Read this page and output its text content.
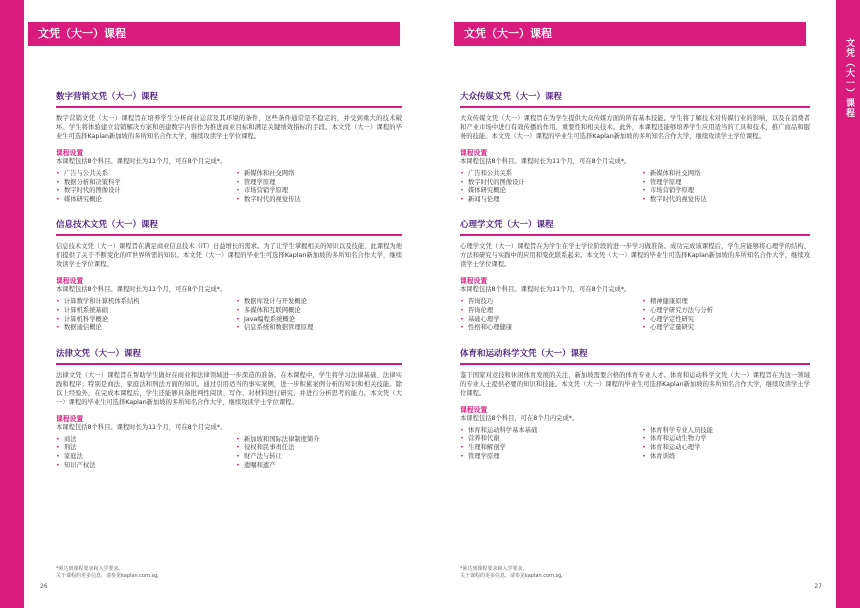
文凭（大一）课程
数字营销文凭（大一）课程
数字营销文凭（大一）课程旨在培养学生分析商业运营及其环境的条件，这些条件通常是不稳定的，并受到重大的技术破坏。学生将体验建立营销解决方案和创建数字内容作为推进商业目标和满足关键绩效指标的手段。本文凭（大一）课程的毕业生可选择Kaplan新加坡的多所知名合作大学，继续攻读学士学位课程。
课程设置
本课程包括8个科目。课程时长为11个月，可在8个月完成*。
• 广告与公共关系	• 新媒体和社交网络
• 数据分析和决策科学	• 管理学原理
• 数字时代的图像设计	• 市场营销学原理
• 媒体研究概论	• 数字时代的视觉传达
信息技术文凭（大一）课程
信息技术文凭（大一）课程旨在满足商业信息技术（IT）日益增长的需求。为了让学生掌握相关的知识以及技能，此课程为他们提供了关于不断变化的IT世界所需的知识。本文凭（大一）课程的毕业生可选择Kaplan新加坡的多所知名合作大学，继续攻读学士学位课程。
课程设置
本课程包括8个科目。课程时长为11个月，可在8个月完成*。
• 计算数学和计算机体系结构	• 数据库设计与开发概论
• 计算机系统基础	• 多媒体和互联网概论
• 计算机科学概论	• Java编程系统概论
• 数据通信概论	• 信息系统和数据管理原理
法律文凭（大一）课程
法律文凭（大一）课程旨在帮助学生做好在商业和法律领域进一步深造的准备。在本课程中，学生将学习法律基础、法律实践和程序；特别是商法、家庭法和刑法方面的知识。通过引用适当的事实案例，进一步积累案例分析的知识和相关技能。除以上经验外，在完成本课程后，学生还能够具备批判性阅读、写作、对材料进行研究、并进行分析思考的能力。本文凭（大一）课程的毕业生可选择Kaplan新加坡的多所知名合作大学，继续攻读学士学位课程。
课程设置
本课程包括8个科目。课程时长为11个月，可在8个月完成*。
• 商法	• 新加坡和国际法律制度简介
• 刑法	• 侵权和民事责任法
• 家庭法	• 财产法与转让
• 知识产权法	• 遗嘱和遗产
*须达到课程要求和入学要求。
关于课程的更多信息，请参见kaplan.com.sg。
26
文凭（大一）课程
文凭（大一）课程
大众传媒文凭（大一）课程
大众传媒文凭（大一）课程旨在为学生提供大众传媒方面的所有基本技能。学生将了解技术对传媒行业的影响，以及在消费者和产业市场中进行有效传播的作用、重要性和相关技术。此外，本课程还能够培养学生应用适当的工具和技术，推广商品和服务的技能。本文凭（大一）课程的毕业生可选择Kaplan新加坡的多所知名合作大学，继续攻读学士学位课程。
课程设置
本课程包括8个科目。课程时长为11个月，可在8个月完成*。
• 广告和公共关系	• 新媒体和社交网络
• 数字时代的图像设计	• 管理学原理
• 媒体研究概论	• 市场营销学原理
• 新闻与伦理	• 数字时代的视觉传达
心理学文凭（大一）课程
心理学文凭（大一）课程旨在为学生在学士学位阶段的进一步学习做准备。成功完成该课程后，学生应能够将心理学的结构、方法和研究与实践中的应用和变化联系起来。本文凭（大一）课程的毕业生可选择Kaplan新加坡的多所知名合作大学，继续攻读学士学位课程。
课程设置
本课程包括8个科目。课程时长为11个月，可在8个月完成*。
• 咨询技巧	• 精神健康原理
• 咨询伦理	• 心理学研究方法与分析
• 基础心理学	• 心理学定性研究
• 性格和心理健康	• 心理学定量研究
体育和运动科学文凭（大一）课程
鉴于国家对竞技和休闲体育发展的关注，新加坡需要合格的体育专业人才。体育和运动科学文凭（大一）课程旨在为这一领域的专业人士提供必要的知识和技能。本文凭（大一）课程的毕业生可选择Kaplan新加坡的多所知名合作大学，继续攻读学士学位课程。
课程设置
本课程包括8个科目，可在8个月内完成*。
• 体育和运动科学基本基础	• 体育科学专业人员技能
• 营养和代谢	• 体育和运动生物力学
• 生理和解剖学	• 体育和运动心理学
• 管理学原理	• 体育训练
*须达到课程要求和入学要求。
关于课程的更多信息，请参见kaplan.com.sg。
27
